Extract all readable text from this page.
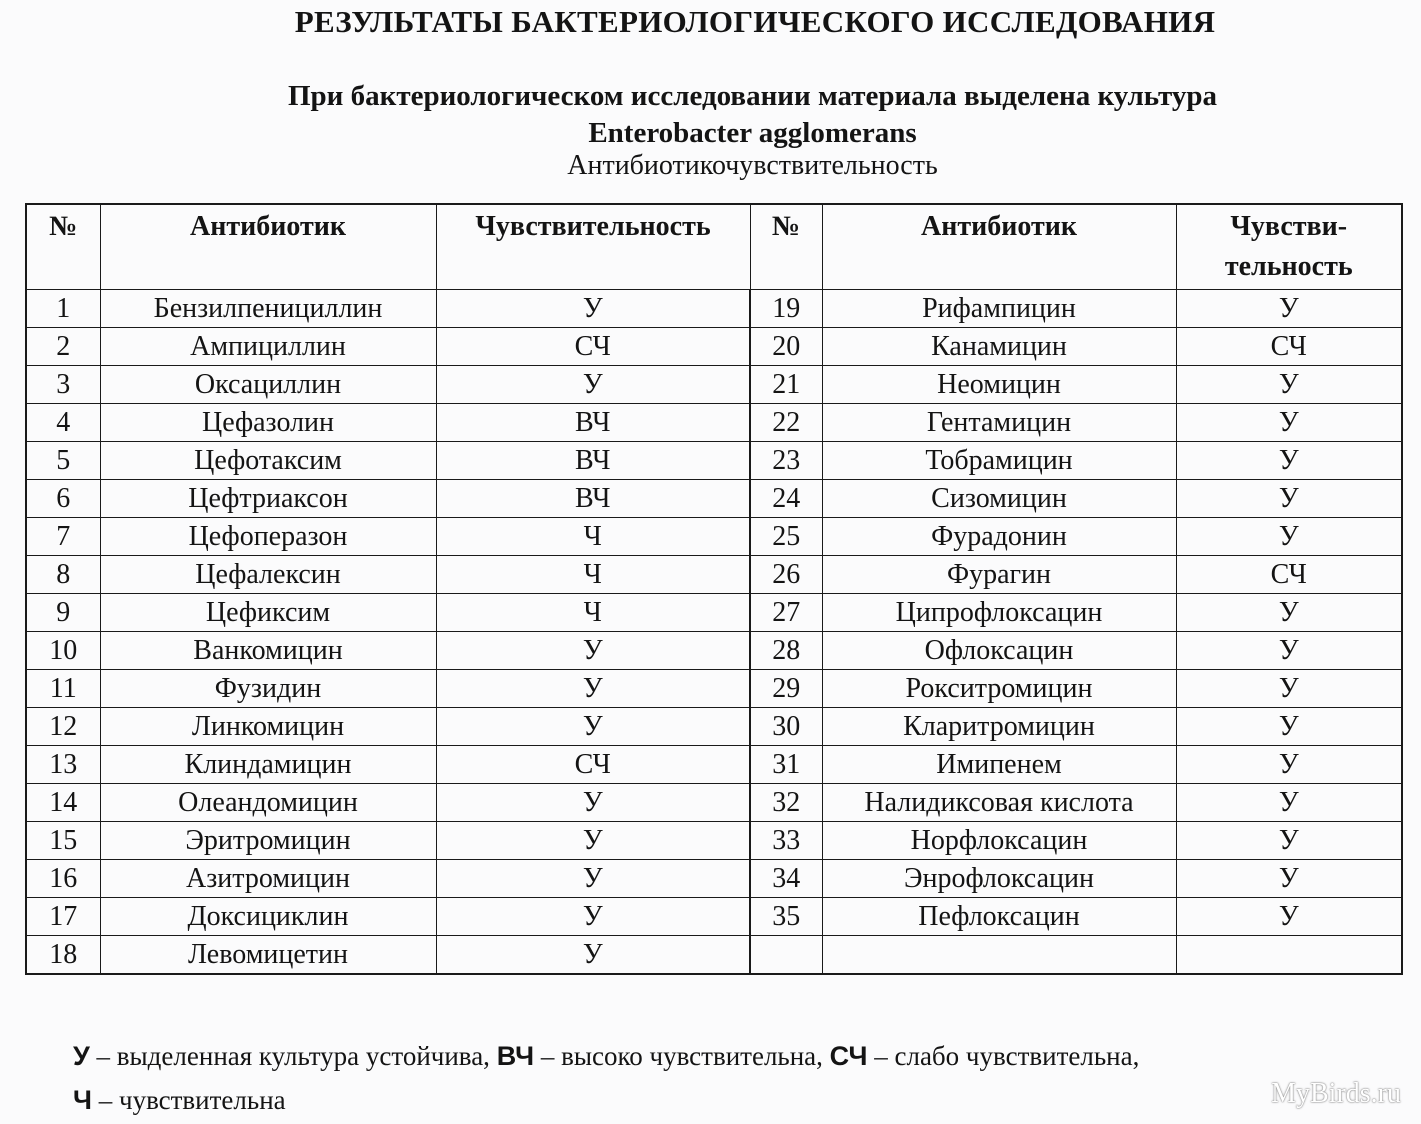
РЕЗУЛЬТАТЫ БАКТЕРИОЛОГИЧЕСКОГО ИССЛЕДОВАНИЯ
При бактериологическом исследовании материала выделена культура
Enterobacter agglomerans
Антибиотикочувствительность
№	Антибиотик	Чувствительность	№	Антибиотик	Чувстви-тельность
1	Бензилпенициллин	У	19	Рифампицин	У
2	Ампициллин	СЧ	20	Канамицин	СЧ
3	Оксациллин	У	21	Неомицин	У
4	Цефазолин	ВЧ	22	Гентамицин	У
5	Цефотаксим	ВЧ	23	Тобрамицин	У
6	Цефтриаксон	ВЧ	24	Сизомицин	У
7	Цефоперазон	Ч	25	Фурадонин	У
8	Цефалексин	Ч	26	Фурагин	СЧ
9	Цефиксим	Ч	27	Ципрофлоксацин	У
10	Ванкомицин	У	28	Офлоксацин	У
11	Фузидин	У	29	Рокситромицин	У
12	Линкомицин	У	30	Кларитромицин	У
13	Клиндамицин	СЧ	31	Имипенем	У
14	Олеандомицин	У	32	Налидиксовая кислота	У
15	Эритромицин	У	33	Норфлоксацин	У
16	Азитромицин	У	34	Энрофлоксацин	У
17	Доксициклин	У	35	Пефлоксацин	У
18	Левомицетин	У			
У – выделенная культура устойчива, ВЧ – высоко чувствительна, СЧ – слабо чувствительна,
Ч – чувствительна	MyBirds.ru
